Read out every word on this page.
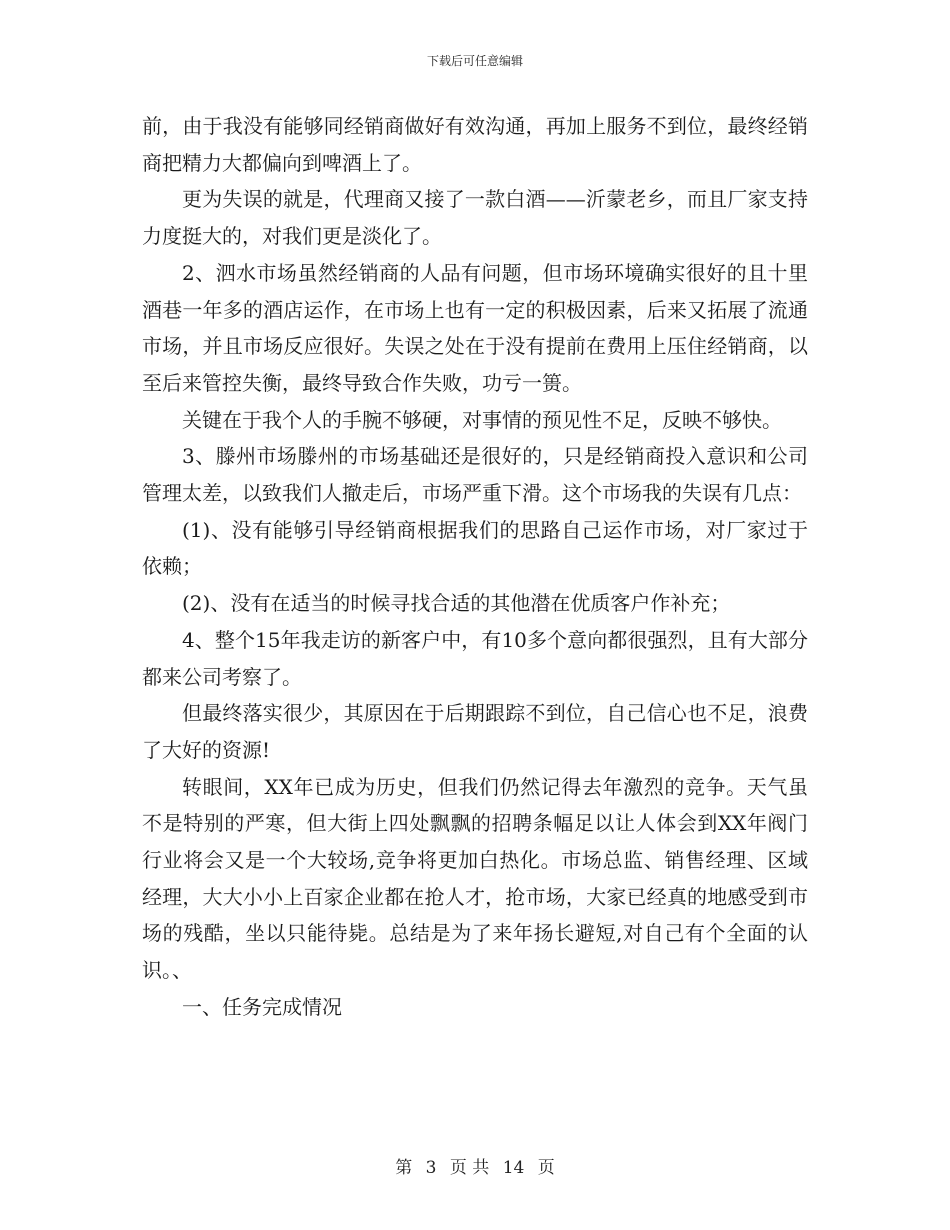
下载后可任意编辑

前，由于我没有能够同经销商做好有效沟通，再加上服务不到位，最终经销商把精力大都偏向到啤酒上了。

更为失误的就是，代理商又接了一款白酒——沂蒙老乡，而且厂家支持力度挺大的，对我们更是淡化了。

2、泗水市场虽然经销商的人品有问题，但市场环境确实很好的且十里酒巷一年多的酒店运作，在市场上也有一定的积极因素，后来又拓展了流通市场，并且市场反应很好。失误之处在于没有提前在费用上压住经销商，以至后来管控失衡，最终导致合作失败，功亏一篑。

关键在于我个人的手腕不够硬，对事情的预见性不足，反映不够快。

3、滕州市场滕州的市场基础还是很好的，只是经销商投入意识和公司管理太差，以致我们人撤走后，市场严重下滑。这个市场我的失误有几点：

(1)、没有能够引导经销商根据我们的思路自己运作市场，对厂家过于依赖；

(2)、没有在适当的时候寻找合适的其他潜在优质客户作补充；

4、整个15年我走访的新客户中，有10多个意向都很强烈，且有大部分都来公司考察了。

但最终落实很少，其原因在于后期跟踪不到位，自己信心也不足，浪费了大好的资源!

转眼间，XX年已成为历史，但我们仍然记得去年激烈的竞争。天气虽不是特别的严寒，但大街上四处飘飘的招聘条幅足以让人体会到XX年阀门行业将会又是一个大较场,竞争将更加白热化。市场总监、销售经理、区域经理，大大小小上百家企业都在抢人才，抢市场，大家已经真的地感受到市场的残酷，坐以只能待毙。总结是为了来年扬长避短,对自己有个全面的认识。、

一、任务完成情况

第 3 页 共 14 页
